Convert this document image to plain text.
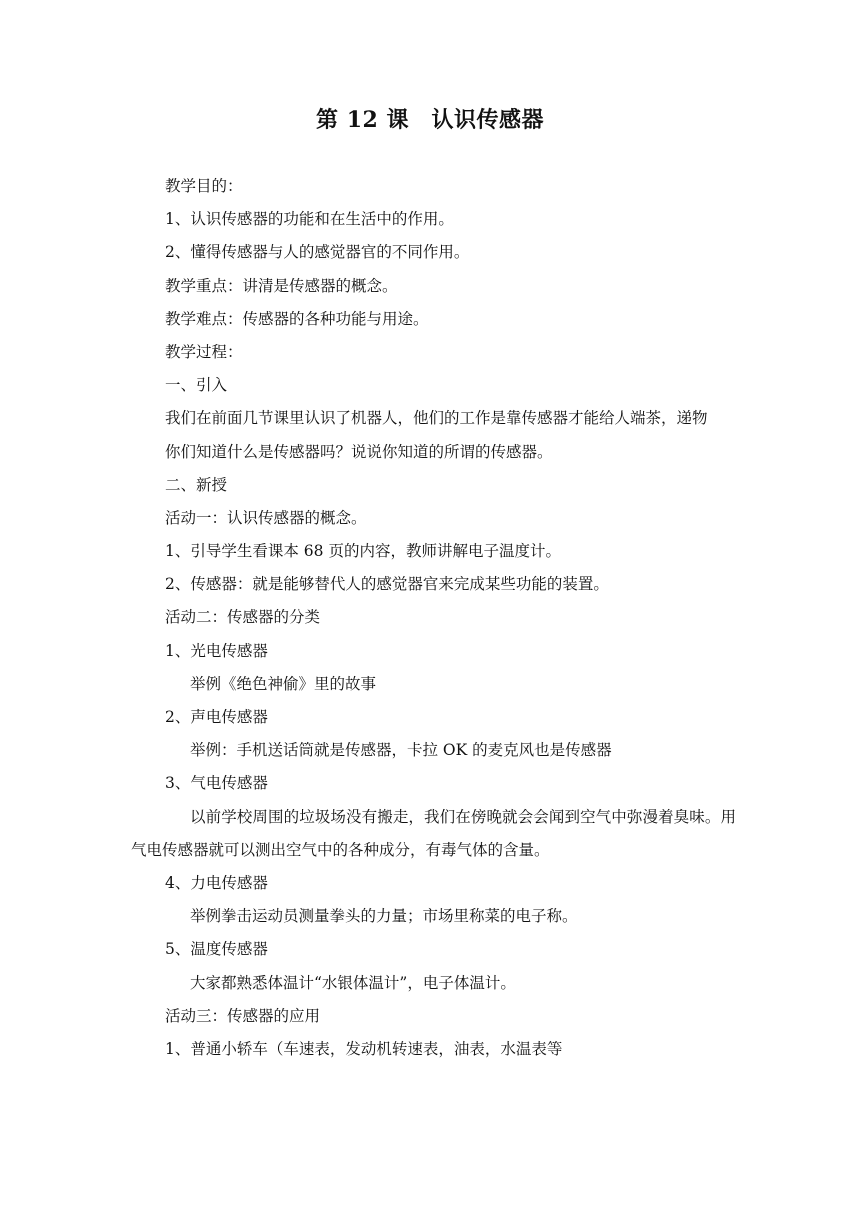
第 12 课　认识传感器
教学目的：
1、认识传感器的功能和在生活中的作用。
2、懂得传感器与人的感觉器官的不同作用。
教学重点：讲清是传感器的概念。
教学难点：传感器的各种功能与用途。
教学过程：
一、引入
我们在前面几节课里认识了机器人，他们的工作是靠传感器才能给人端茶，递物
你们知道什么是传感器吗？说说你知道的所谓的传感器。
二、新授
活动一：认识传感器的概念。
1、引导学生看课本 68 页的内容，教师讲解电子温度计。
2、传感器：就是能够替代人的感觉器官来完成某些功能的装置。
活动二：传感器的分类
1、光电传感器
举例《绝色神偷》里的故事
2、声电传感器
举例：手机送话筒就是传感器，卡拉 OK 的麦克风也是传感器
3、气电传感器
以前学校周围的垃圾场没有搬走，我们在傍晚就会会闻到空气中弥漫着臭味。用气电传感器就可以测出空气中的各种成分，有毒气体的含量。
4、力电传感器
举例拳击运动员测量拳头的力量；市场里称菜的电子称。
5、温度传感器
大家都熟悉体温计“水银体温计”，电子体温计。
活动三：传感器的应用
1、普通小轿车（车速表，发动机转速表，油表，水温表等
